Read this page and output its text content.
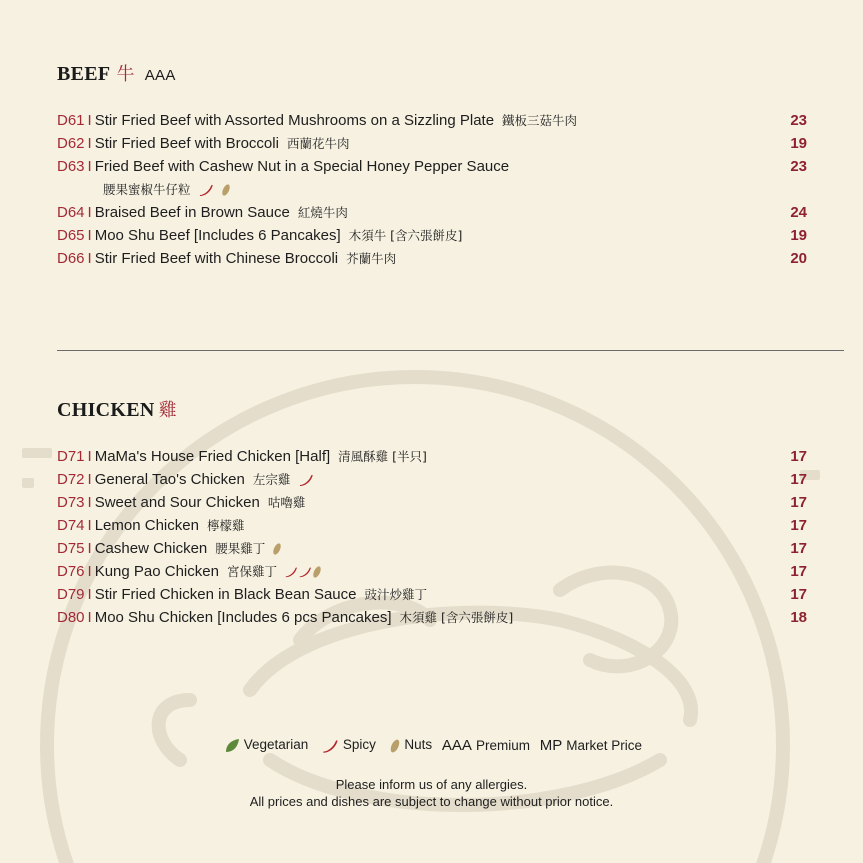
BEEF 牛 AAA
D61 I Stir Fried Beef with Assorted Mushrooms on a Sizzling Plate 鐵板三菇牛肉	23
D62 I Stir Fried Beef with Broccoli 西蘭花牛肉	19
D63 I Fried Beef with Cashew Nut in a Special Honey Pepper Sauce	23
腰果蜜椒牛仔粒
D64 I Braised Beef in Brown Sauce 紅燒牛肉	24
D65 I Moo Shu Beef [Includes 6 Pancakes] 木須牛 [含六張餅皮]	19
D66 I Stir Fried Beef with Chinese Broccoli 芥蘭牛肉	20
CHICKEN 雞
D71 I MaMa's House Fried Chicken [Half] 清風酥雞 [半只]	17
D72 I General Tao's Chicken 左宗雞	17
D73 I Sweet and Sour Chicken 咕嚕雞	17
D74 I Lemon Chicken 檸檬雞	17
D75 I Cashew Chicken 腰果雞丁	17
D76 I Kung Pao Chicken 宮保雞丁	17
D79 I Stir Fried Chicken in Black Bean Sauce 豉汁炒雞丁	17
D80 I Moo Shu Chicken [Includes 6 pcs Pancakes] 木須雞 [含六張餅皮]	18
Vegetarian	Spicy Nuts AAA Premium MP Market Price
Please inform us of any allergies.
All prices and dishes are subject to change without prior notice.
